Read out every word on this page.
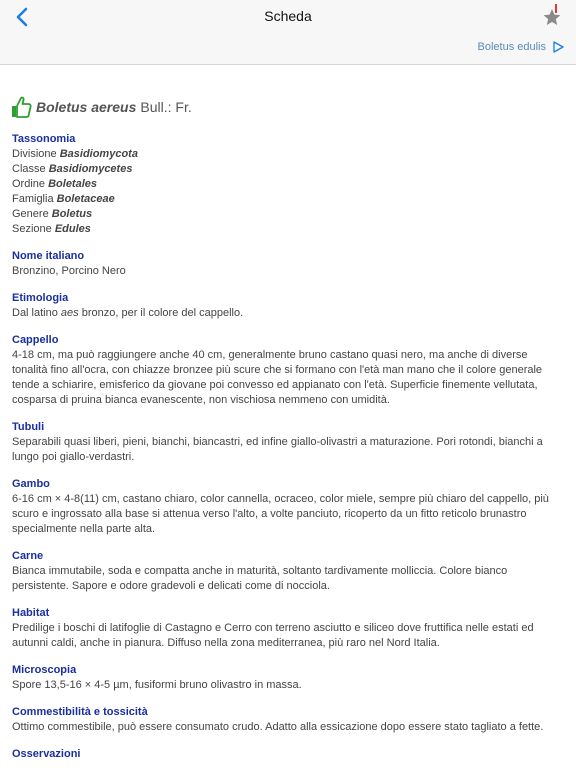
Scheda
Boletus edulis
Boletus aereus Bull.: Fr.
Tassonomia
Divisione Basidiomycota
Classe Basidiomycetes
Ordine Boletales
Famiglia Boletaceae
Genere Boletus
Sezione Edules
Nome italiano
Bronzino, Porcino Nero
Etimologia
Dal latino aes bronzo, per il colore del cappello.
Cappello
4-18 cm, ma può raggiungere anche 40 cm, generalmente bruno castano quasi nero, ma anche di diverse tonalità fino all'ocra, con chiazze bronzee più scure che si formano con l'età man mano che il colore generale tende a schiarire, emisferico da giovane poi convesso ed appianato con l'età. Superficie finemente vellutata, cosparsa di pruina bianca evanescente, non vischiosa nemmeno con umidità.
Tubuli
Separabili quasi liberi, pieni, bianchi, biancastri, ed infine giallo-olivastri a maturazione. Pori rotondi, bianchi a lungo poi giallo-verdastri.
Gambo
6-16 cm × 4-8(11) cm, castano chiaro, color cannella, ocraceo, color miele, sempre più chiaro del cappello, più scuro e ingrossato alla base si attenua verso l'alto, a volte panciuto, ricoperto da un fitto reticolo brunastro specialmente nella parte alta.
Carne
Bianca immutabile, soda e compatta anche in maturità, soltanto tardivamente molliccia. Colore bianco persistente. Sapore e odore gradevoli e delicati come di nocciola.
Habitat
Predilige i boschi di latifoglie di Castagno e Cerro con terreno asciutto e siliceo dove fruttifica nelle estati ed autunni caldi, anche in pianura. Diffuso nella zona mediterranea, più raro nel Nord Italia.
Microscopia
Spore 13,5-16 × 4-5 µm, fusiformi bruno olivastro in massa.
Commestibilità e tossicità
Ottimo commestibile, può essere consumato crudo. Adatto alla essicazione dopo essere stato tagliato a fette.
Osservazioni
